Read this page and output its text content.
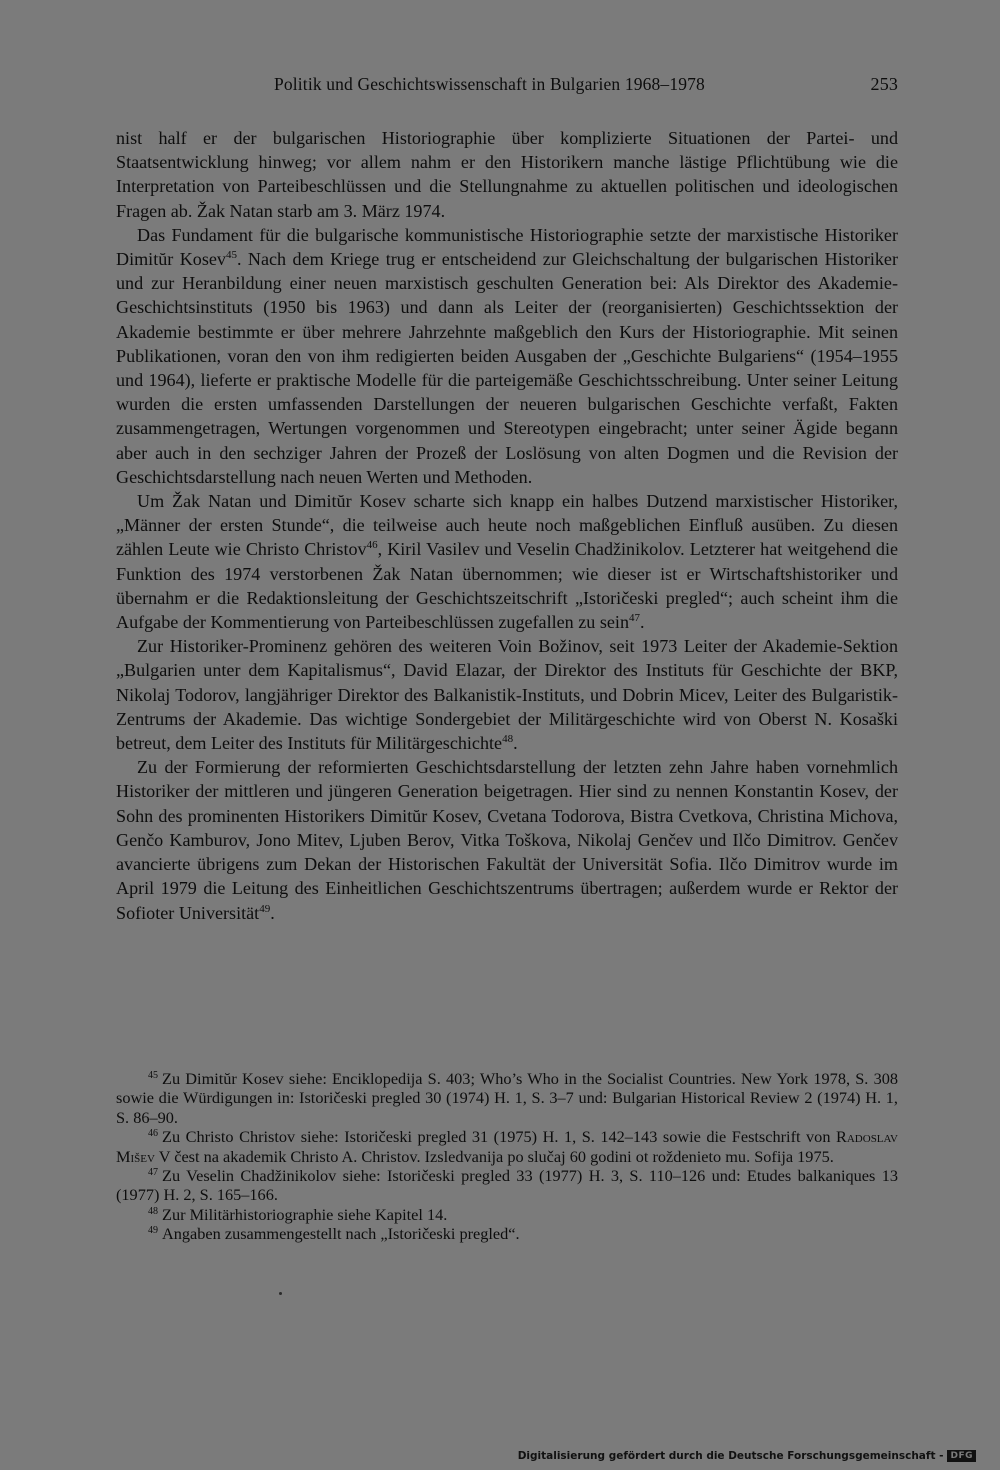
Politik und Geschichtswissenschaft in Bulgarien 1968–1978	253

nist half er der bulgarischen Historiographie über komplizierte Situationen der Partei- und Staatsentwicklung hinweg; vor allem nahm er den Historikern manche lästige Pflichtübung wie die Interpretation von Parteibeschlüssen und die Stellungnahme zu aktuellen politischen und ideologischen Fragen ab. Žak Natan starb am 3. März 1974.

Das Fundament für die bulgarische kommunistische Historiographie setzte der marxistische Historiker Dimitŭr Kosev$^{45}$. Nach dem Kriege trug er entscheidend zur Gleichschaltung der bulgarischen Historiker und zur Heranbildung einer neuen marxistisch geschulten Generation bei: Als Direktor des Akademie-Geschichtsinstituts (1950 bis 1963) und dann als Leiter der (reorganisierten) Geschichtssektion der Akademie bestimmte er über mehrere Jahrzehnte maßgeblich den Kurs der Historiographie. Mit seinen Publikationen, voran den von ihm redigierten beiden Ausgaben der „Geschichte Bulgariens“ (1954–1955 und 1964), lieferte er praktische Modelle für die parteigemäße Geschichtsschreibung. Unter seiner Leitung wurden die ersten umfassenden Darstellungen der neueren bulgarischen Geschichte verfaßt, Fakten zusammengetragen, Wertungen vorgenommen und Stereotypen eingebracht; unter seiner Ägide begann aber auch in den sechziger Jahren der Prozeß der Loslösung von alten Dogmen und die Revision der Geschichtsdarstellung nach neuen Werten und Methoden.

Um Žak Natan und Dimitŭr Kosev scharte sich knapp ein halbes Dutzend marxistischer Historiker, „Männer der ersten Stunde“, die teilweise auch heute noch maßgeblichen Einfluß ausüben. Zu diesen zählen Leute wie Christo Christov$^{46}$, Kiril Vasilev und Veselin Chadžinikolov. Letzterer hat weitgehend die Funktion des 1974 verstorbenen Žak Natan übernommen; wie dieser ist er Wirtschaftshistoriker und übernahm er die Redaktionsleitung der Geschichtszeitschrift „Istoričeski pregled“; auch scheint ihm die Aufgabe der Kommentierung von Parteibeschlüssen zugefallen zu sein$^{47}$.

Zur Historiker-Prominenz gehören des weiteren Voin Božinov, seit 1973 Leiter der Akademie-Sektion „Bulgarien unter dem Kapitalismus“, David Elazar, der Direktor des Instituts für Geschichte der BKP, Nikolaj Todorov, langjähriger Direktor des Balkanistik-Instituts, und Dobrin Micev, Leiter des Bulgaristik-Zentrums der Akademie. Das wichtige Sondergebiet der Militärgeschichte wird von Oberst N. Kosaški betreut, dem Leiter des Instituts für Militärgeschichte$^{48}$.

Zu der Formierung der reformierten Geschichtsdarstellung der letzten zehn Jahre haben vornehmlich Historiker der mittleren und jüngeren Generation beigetragen. Hier sind zu nennen Konstantin Kosev, der Sohn des prominenten Historikers Dimitŭr Kosev, Cvetana Todorova, Bistra Cvetkova, Christina Michova, Genčo Kamburov, Jono Mitev, Ljuben Berov, Vitka Toškova, Nikolaj Genčev und Ilčo Dimitrov. Genčev avancierte übrigens zum Dekan der Historischen Fakultät der Universität Sofia. Ilčo Dimitrov wurde im April 1979 die Leitung des Einheitlichen Geschichtszentrums übertragen; außerdem wurde er Rektor der Sofioter Universität$^{49}$.

$^{45}$ Zu Dimitŭr Kosev siehe: Enciklopedija S. 403; Who’s Who in the Socialist Countries. New York 1978, S. 308 sowie die Würdigungen in: Istoričeski pregled 30 (1974) H. 1, S. 3–7 und: Bulgarian Historical Review 2 (1974) H. 1, S. 86–90.

$^{46}$ Zu Christo Christov siehe: Istoričeski pregled 31 (1975) H. 1, S. 142–143 sowie die Festschrift von Radoslav Mišev V čest na akademik Christo A. Christov. Izsledvanija po slučaj 60 godini ot roždenieto mu. Sofija 1975.

$^{47}$ Zu Veselin Chadžinikolov siehe: Istoričeski pregled 33 (1977) H. 3, S. 110–126 und: Etudes balkaniques 13 (1977) H. 2, S. 165–166.

$^{48}$ Zur Militärhistoriographie siehe Kapitel 14.

$^{49}$ Angaben zusammengestellt nach „Istoričeski pregled“.

Digitalisierung gefördert durch die Deutsche Forschungsgemeinschaft - DFG
